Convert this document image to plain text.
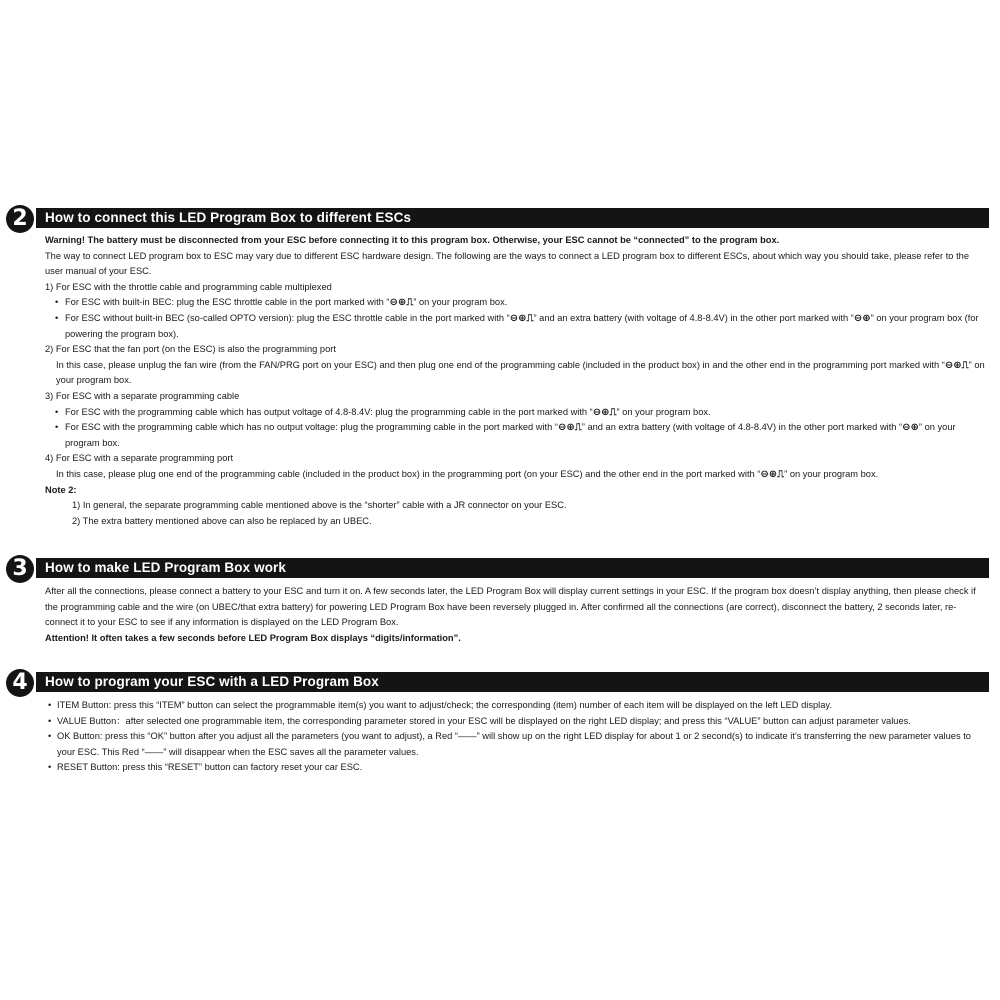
How to connect this LED Program Box to different ESCs
2
Warning! The battery must be disconnected from your ESC before connecting it to this program box. Otherwise, your ESC cannot be “connected” to the program box.
The way to connect LED program box to ESC may vary due to different ESC hardware design. The following are the ways to connect a LED program box to different ESCs, about which way you should take, please refer to the user manual of your ESC.
1) For ESC with the throttle cable and programming cable multiplexed
• For ESC with built-in BEC: plug the ESC throttle cable in the port marked with “⊖⊕⎍” on your program box.
• For ESC without built-in BEC (so-called OPTO version): plug the ESC throttle cable in the port marked with “⊖⊕⎍” and an extra battery (with voltage of 4.8-8.4V) in the other port marked with “⊖⊕” on your program box (for powering the program box).
2) For ESC that the fan port (on the ESC) is also the programming port
In this case, please unplug the fan wire (from the FAN/PRG port on your ESC) and then plug one end of the programming cable (included in the product box) in and the other end in the programming port marked with “⊖⊕⎍” on your program box.
3) For ESC with a separate programming cable
• For ESC with the programming cable which has output voltage of 4.8-8.4V: plug the programming cable in the port marked with “⊖⊕⎍” on your program box.
• For ESC with the programming cable which has no output voltage: plug the programming cable in the port marked with “⊖⊕⎍” and an extra battery (with voltage of 4.8-8.4V) in the other port marked with “⊖⊕” on your program box.
4) For ESC with a separate programming port
In this case, please plug one end of the programming cable (included in the product box) in the programming port (on your ESC) and the other end in the port marked with “⊖⊕⎍” on your program box.
Note 2:
1) In general, the separate programming cable mentioned above is the “shorter” cable with a JR connector on your ESC.
2) The extra battery mentioned above can also be replaced by an UBEC.
How to make LED Program Box work
3
After all the connections, please connect a battery to your ESC and turn it on. A few seconds later, the LED Program Box will display current settings in your ESC. If the program box doesn’t display anything, then please check if the programming cable and the wire (on UBEC/that extra battery) for powering LED Program Box have been reversely plugged in. After confirmed all the connections (are correct), disconnect the battery, 2 seconds later, re-connect it to your ESC to see if any information is displayed on the LED Program Box.
Attention! It often takes a few seconds before LED Program Box displays “digits/information”.
How to program your ESC with a LED Program Box
4
• ITEM Button: press this “ITEM” button can select the programmable item(s) you want to adjust/check; the corresponding (item) number of each item will be displayed on the left LED display.
• VALUE Button：after selected one programmable item, the corresponding parameter stored in your ESC will be displayed on the right LED display; and press this “VALUE” button can adjust parameter values.
• OK Button: press this “OK” button after you adjust all the parameters (you want to adjust), a Red “——” will show up on the right LED display for about 1 or 2 second(s) to indicate it’s transferring the new parameter values to your ESC. This Red “——” will disappear when the ESC saves all the parameter values.
• RESET Button: press this “RESET” button can factory reset your car ESC.
